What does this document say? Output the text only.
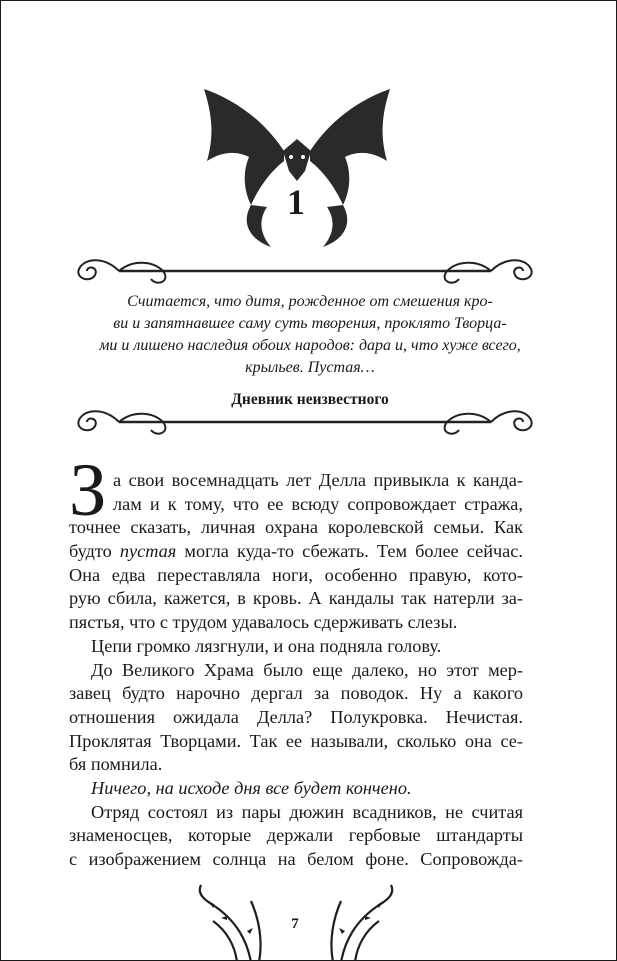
1
Считается, что дитя, рожденное от смешения кро-
ви и запятнавшее саму суть творения, проклято Творца-
ми и лишено наследия обоих народов: дара и, что хуже всего,
крыльев. Пустая…
Дневник неизвестного
З а свои восемнадцать лет Делла привыкла к канда-
лам и к тому, что ее всюду сопровождает стража,
точнее сказать, личная охрана королевской семьи. Как
будто пустая могла куда-то сбежать. Тем более сейчас.
Она едва переставляла ноги, особенно правую, кото-
рую сбила, кажется, в кровь. А кандалы так натерли за-
пястья, что с трудом удавалось сдерживать слезы.
Цепи громко лязгнули, и она подняла голову.
До Великого Храма было еще далеко, но этот мер-
завец будто нарочно дергал за поводок. Ну а какого
отношения ожидала Делла? Полукровка. Нечистая.
Проклятая Творцами. Так ее называли, сколько она се-
бя помнила.
Ничего, на исходе дня все будет кончено.
Отряд состоял из пары дюжин всадников, не считая
знаменосцев, которые держали гербовые штандарты
с изображением солнца на белом фоне. Сопровожда-
7
